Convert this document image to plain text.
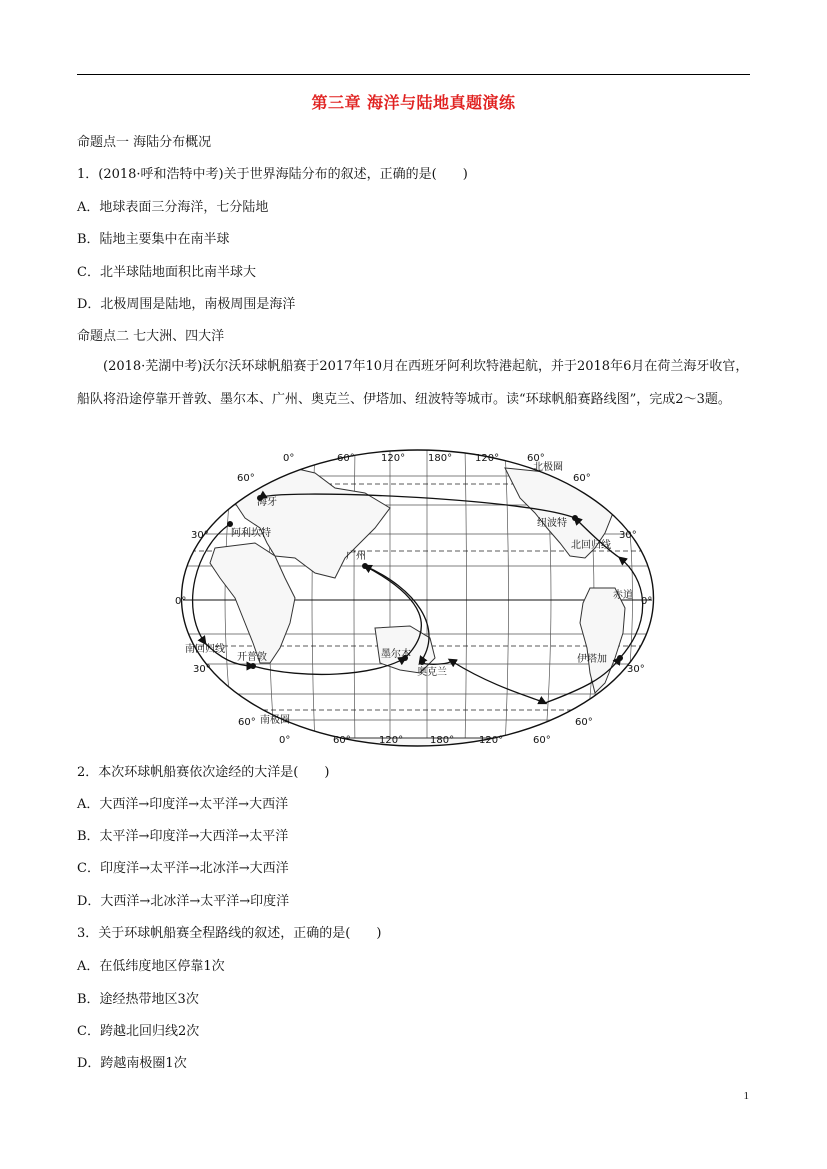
第三章 海洋与陆地真题演练
命题点一 海陆分布概况
1．(2018·呼和浩特中考)关于世界海陆分布的叙述，正确的是(　　)
A．地球表面三分海洋，七分陆地
B．陆地主要集中在南半球
C．北半球陆地面积比南半球大
D．北极周围是陆地，南极周围是海洋
命题点二 七大洲、四大洋
(2018·芜湖中考)沃尔沃环球帆船赛于2017年10月在西班牙阿利坎特港起航，并于2018年6月在荷兰海牙收官，船队将沿途停靠开普敦、墨尔本、广州、奥克兰、伊塔加、纽波特等城市。读“环球帆船赛路线图”，完成2～3题。
0°	60°	120° 180° 120°	60°
0°	60°	120°	180° 120°	60°
60°
30°
0°
30°
60°
60°
30°
0°
30°
60°
北极圈
北回归线
赤道
南回归线
南极圈
海牙
阿利坎特
广州
开普敦	墨尔本
奥克兰
伊塔加
纽波特
2．本次环球帆船赛依次途经的大洋是(　　)
A．大西洋→印度洋→太平洋→大西洋
B．太平洋→印度洋→大西洋→太平洋
C．印度洋→太平洋→北冰洋→大西洋
D．大西洋→北冰洋→太平洋→印度洋
3．关于环球帆船赛全程路线的叙述，正确的是(　　)
A．在低纬度地区停靠1次
B．途经热带地区3次
C．跨越北回归线2次
D．跨越南极圈1次
1
